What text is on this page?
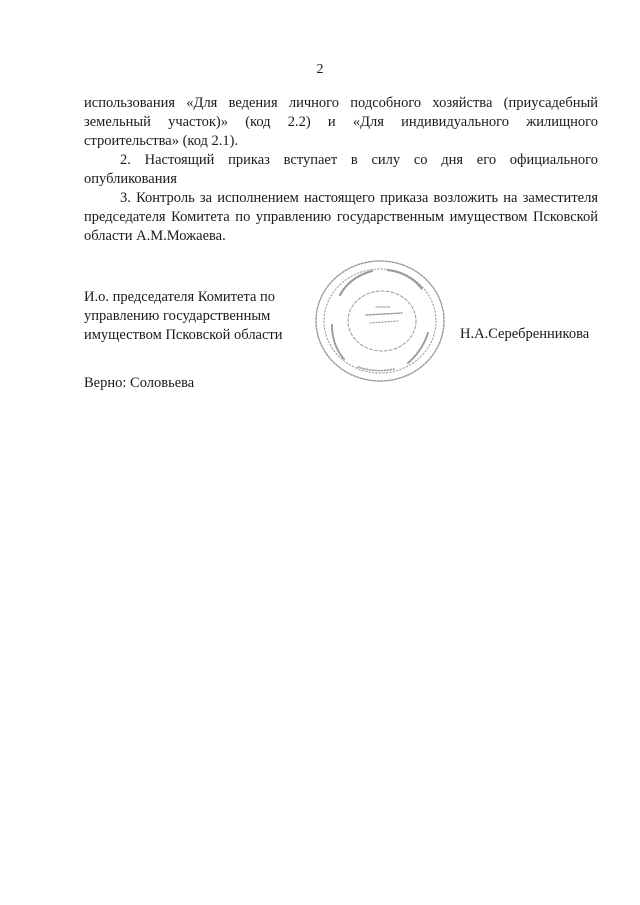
2

использования «Для ведения личного подсобного хозяйства (приусадебный земельный участок)» (код 2.2) и «Для индивидуального жилищного строительства» (код 2.1).

2. Настоящий приказ вступает в силу со дня его официального опубликования

3. Контроль за исполнением настоящего приказа возложить на заместителя председателя Комитета по управлению государственным имуществом Псковской области А.М.Можаева.

И.о. председателя Комитета по
управлению государственным
имуществом Псковской области	Н.А.Серебренникова
Верно: Соловьева
